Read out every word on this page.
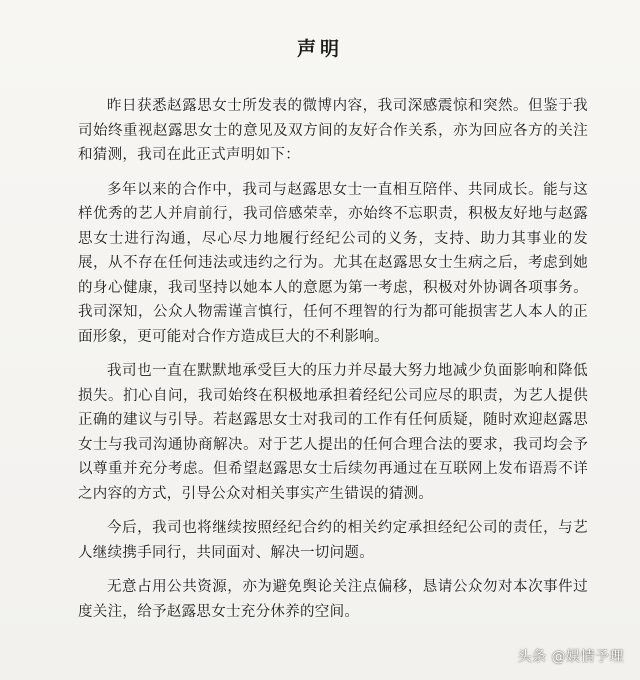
声明

昨日获悉赵露思女士所发表的微博内容，我司深感震惊和突然。但鉴于我司始终重视赵露思女士的意见及双方间的友好合作关系，亦为回应各方的关注和猜测，我司在此正式声明如下：

多年以来的合作中，我司与赵露思女士一直相互陪伴、共同成长。能与这样优秀的艺人并肩前行，我司倍感荣幸，亦始终不忘职责，积极友好地与赵露思女士进行沟通，尽心尽力地履行经纪公司的义务，支持、助力其事业的发展，从不存在任何违法或违约之行为。尤其在赵露思女士生病之后，考虑到她的身心健康，我司坚持以她本人的意愿为第一考虑，积极对外协调各项事务。我司深知，公众人物需谨言慎行，任何不理智的行为都可能损害艺人本人的正面形象，更可能对合作方造成巨大的不利影响。

我司也一直在默默地承受巨大的压力并尽最大努力地减少负面影响和降低损失。扪心自问，我司始终在积极地承担着经纪公司应尽的职责，为艺人提供正确的建议与引导。若赵露思女士对我司的工作有任何质疑，随时欢迎赵露思女士与我司沟通协商解决。对于艺人提出的任何合理合法的要求，我司均会予以尊重并充分考虑。但希望赵露思女士后续勿再通过在互联网上发布语焉不详之内容的方式，引导公众对相关事实产生错误的猜测。

今后，我司也将继续按照经纪合约的相关约定承担经纪公司的责任，与艺人继续携手同行，共同面对、解决一切问题。

无意占用公共资源，亦为避免舆论关注点偏移，恳请公众勿对本次事件过度关注，给予赵露思女士充分休养的空间。

头条 @娱情予理
